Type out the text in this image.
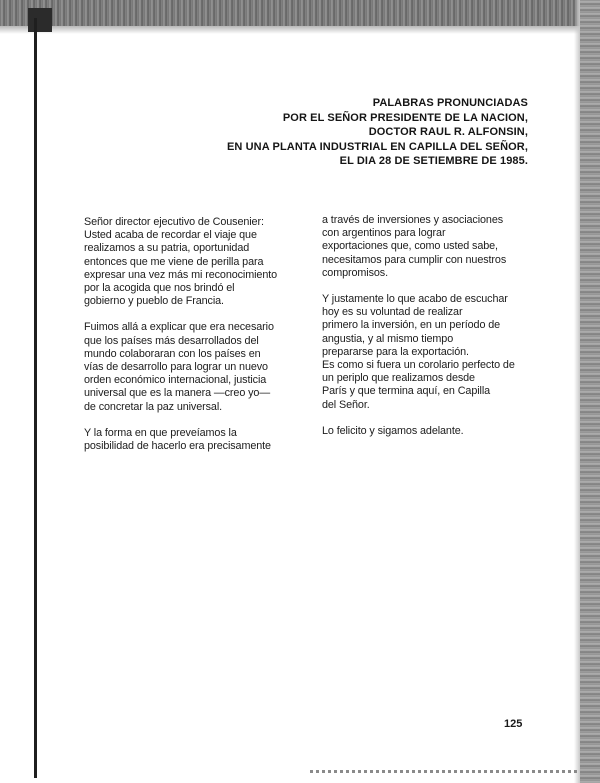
PALABRAS PRONUNCIADAS
POR EL SEÑOR PRESIDENTE DE LA NACION,
DOCTOR RAUL R. ALFONSIN,
EN UNA PLANTA INDUSTRIAL EN CAPILLA DEL SEÑOR,
EL DIA 28 DE SETIEMBRE DE 1985.
Señor director ejecutivo de Cousenier:
Usted acaba de recordar el viaje que
realizamos a su patria, oportunidad
entonces que me viene de perilla para
expresar una vez más mi reconocimiento
por la acogida que nos brindó el
gobierno y pueblo de Francia.
Fuimos allá a explicar que era necesario
que los países más desarrollados del
mundo colaboraran con los países en
vías de desarrollo para lograr un nuevo
orden económico internacional, justicia
universal que es la manera —creo yo—
de concretar la paz universal.
Y la forma en que preveíamos la
posibilidad de hacerlo era precisamente
a través de inversiones y asociaciones
con argentinos para lograr
exportaciones que, como usted sabe,
necesitamos para cumplir con nuestros
compromisos.
Y justamente lo que acabo de escuchar
hoy es su voluntad de realizar
primero la inversión, en un período de
angustia, y al mismo tiempo
prepararse para la exportación.
Es como si fuera un corolario perfecto de
un periplo que realizamos desde
París y que termina aquí, en Capilla
del Señor.
Lo felicito y sigamos adelante.
125
